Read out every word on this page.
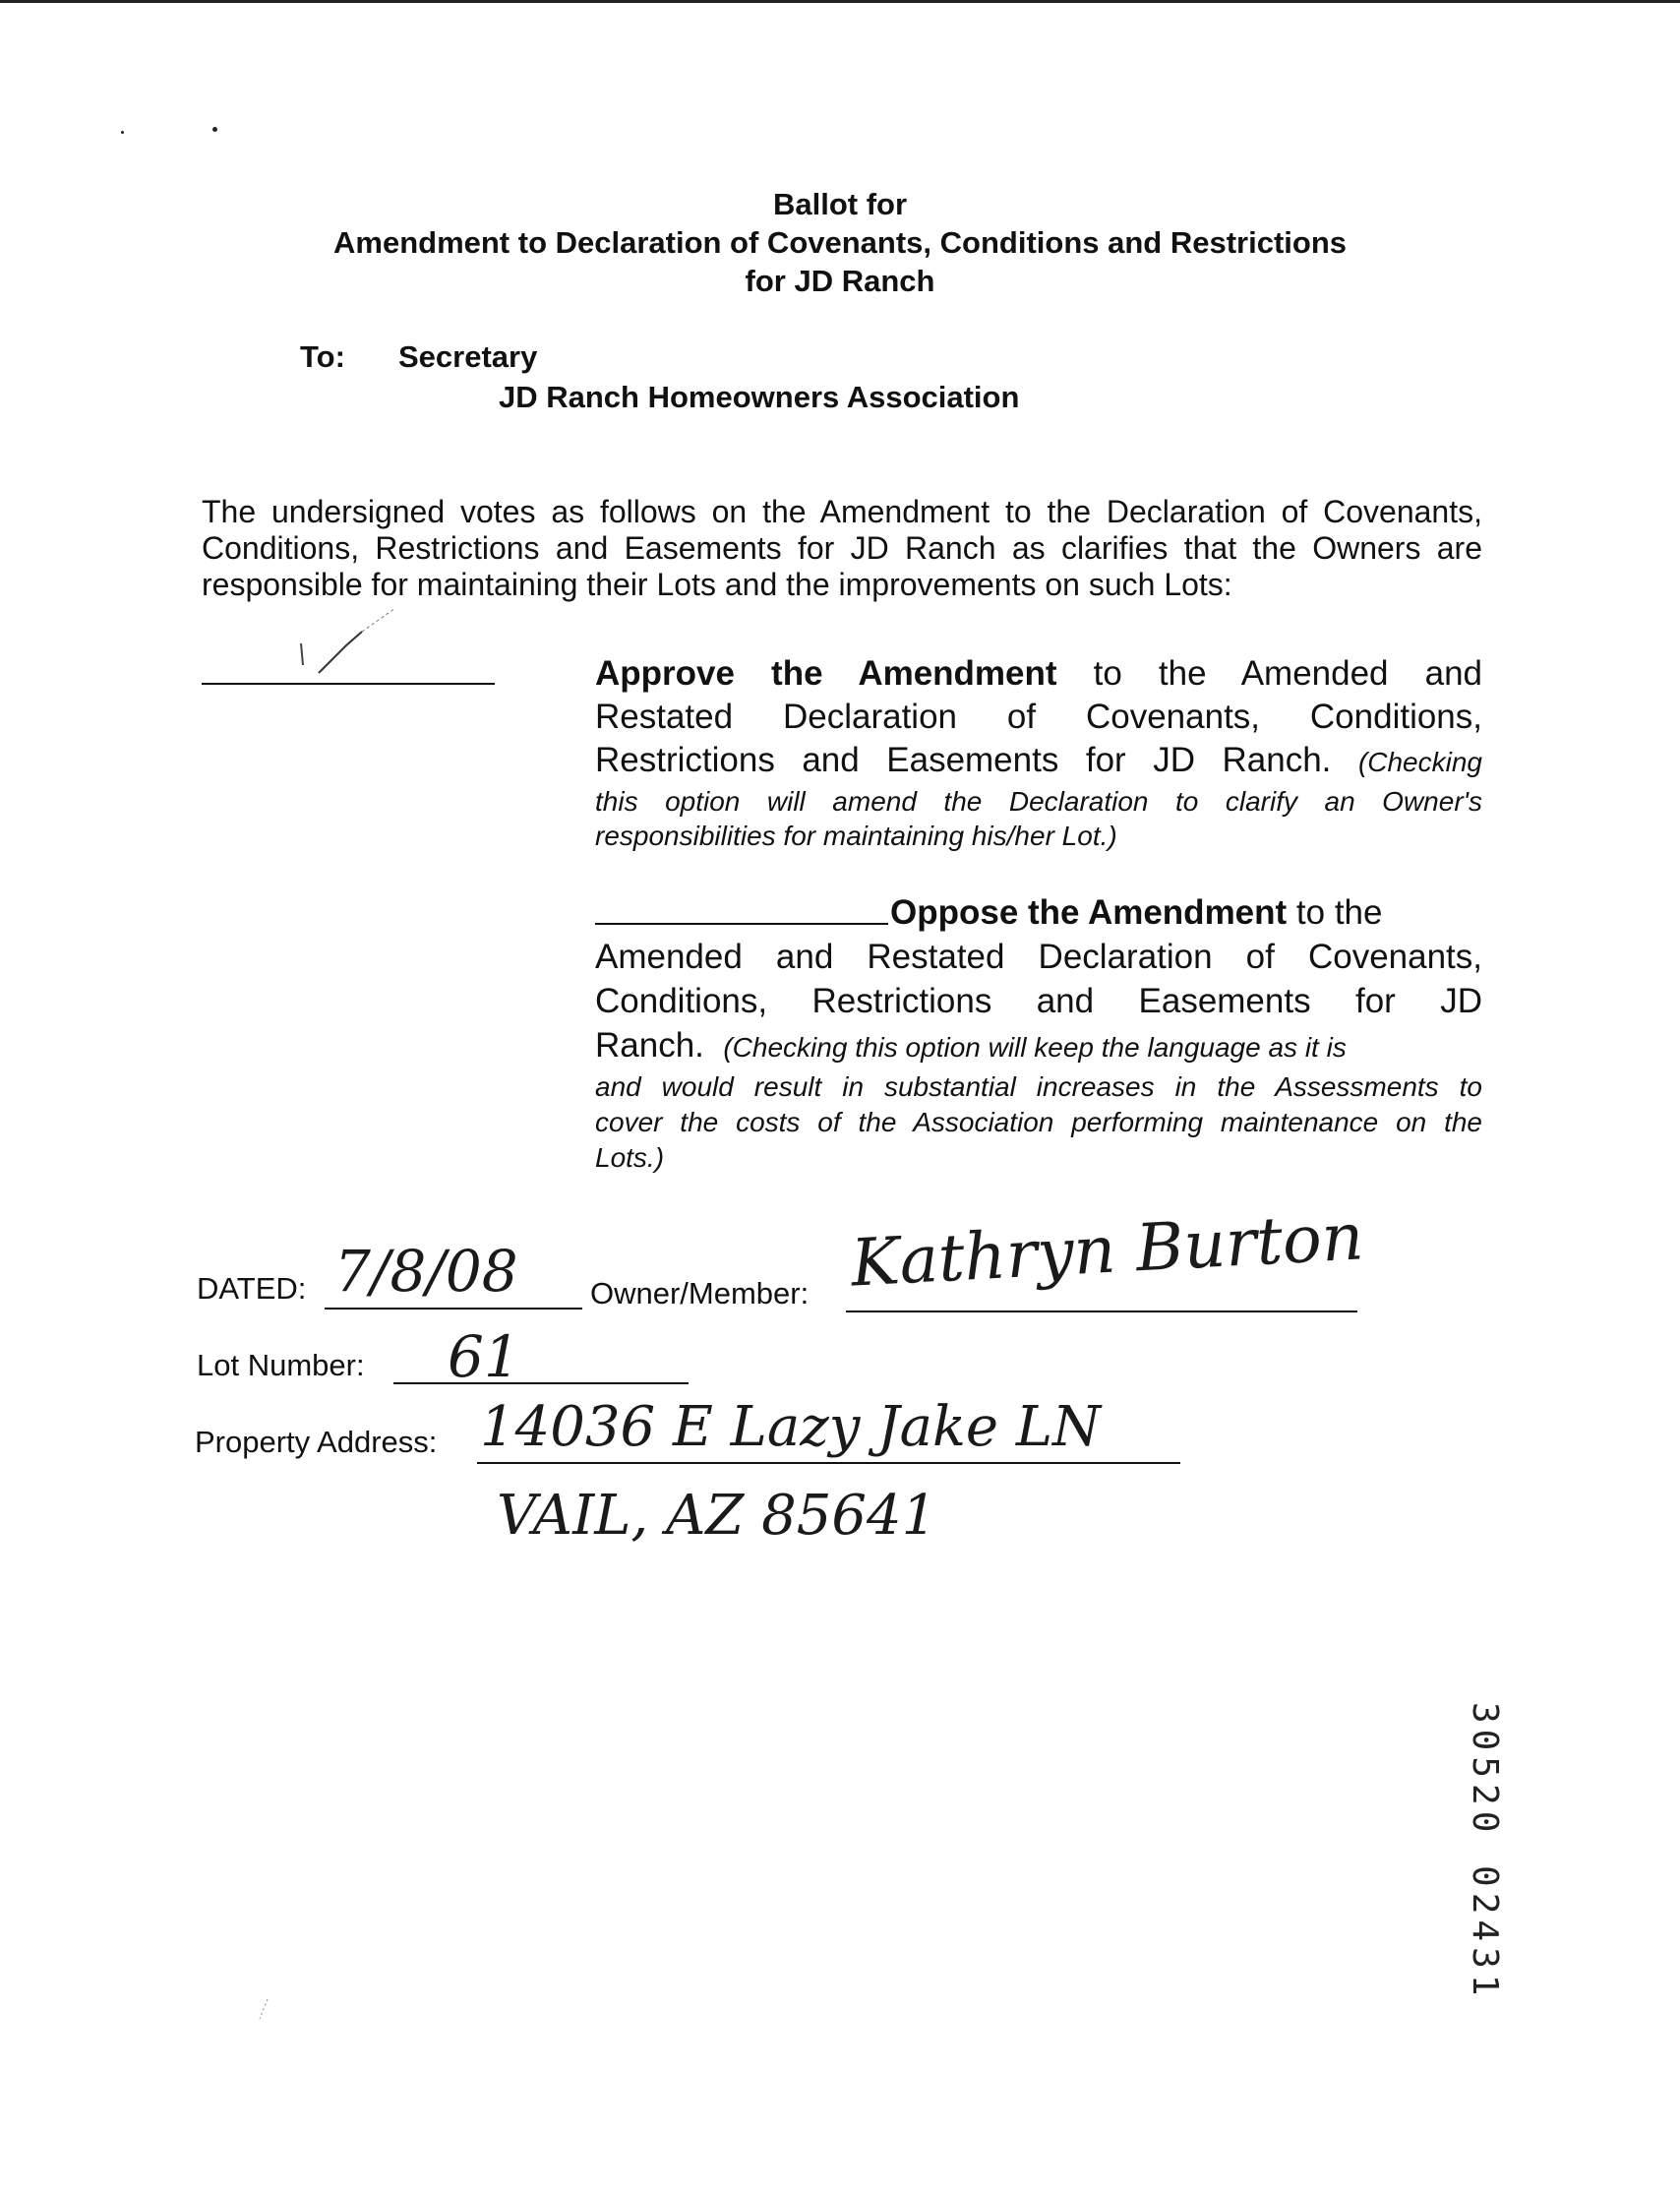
Ballot for
Amendment to Declaration of Covenants, Conditions and Restrictions
for JD Ranch
To: Secretary
JD Ranch Homeowners Association
The undersigned votes as follows on the Amendment to the Declaration of Covenants,
Conditions, Restrictions and Easements for JD Ranch as clarifies that the Owners are
responsible for maintaining their Lots and the improvements on such Lots:
Approve the Amendment to the Amended and
Restated Declaration of Covenants, Conditions,
Restrictions and Easements for JD Ranch. (Checking
this option will amend the Declaration to clarify an Owner's
responsibilities for maintaining his/her Lot.)
Oppose the Amendment to the
Amended and Restated Declaration of Covenants,
Conditions, Restrictions and Easements for JD
Ranch. (Checking this option will keep the language as it is
and would result in substantial increases in the Assessments to
cover the costs of the Association performing maintenance on the
Lots.)
DATED: 7/8/08 Owner/Member: Kathryn Burton
Lot Number: 61
Property Address: 14036 E Lazy Jake LN
VAIL, AZ 85641
30520 02431
